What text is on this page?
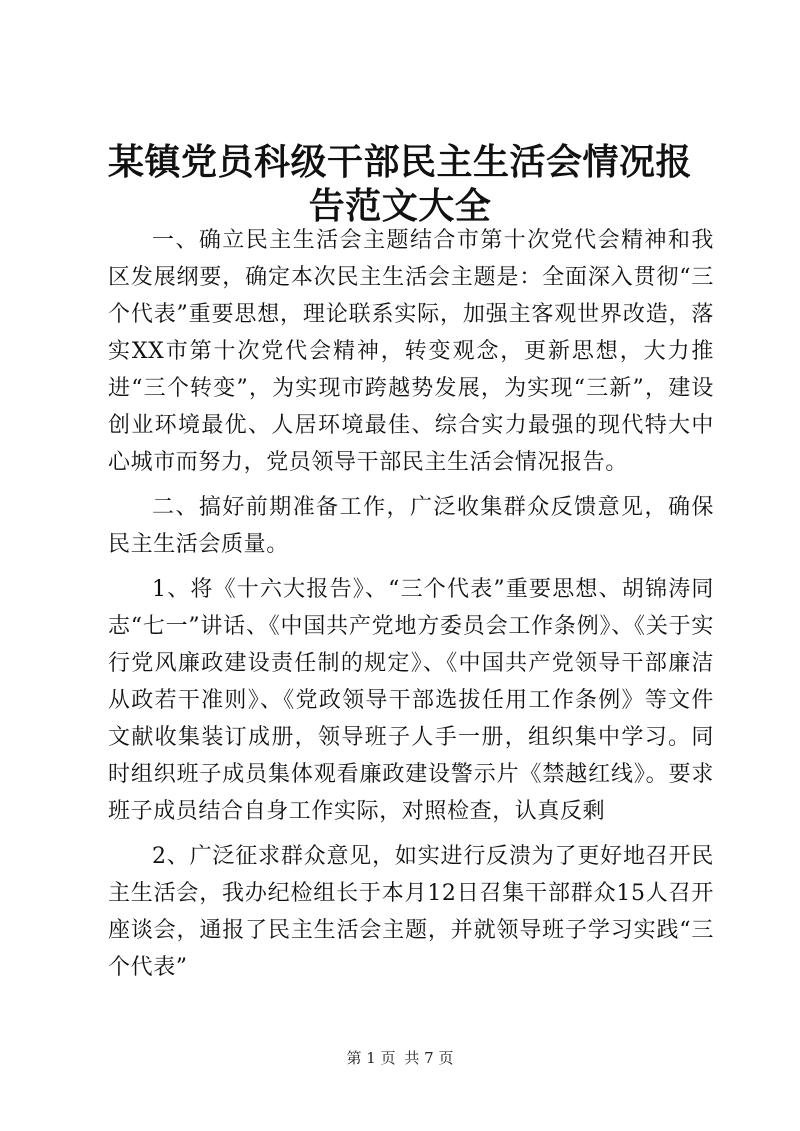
某镇党员科级干部民主生活会情况报告范文大全

一、确立民主生活会主题结合市第十次党代会精神和我区发展纲要，确定本次民主生活会主题是：全面深入贯彻“三个代表”重要思想，理论联系实际，加强主客观世界改造，落实XX市第十次党代会精神，转变观念，更新思想，大力推进“三个转变”，为实现市跨越势发展，为实现“三新”，建设创业环境最优、人居环境最佳、综合实力最强的现代特大中心城市而努力，党员领导干部民主生活会情况报告。

二、搞好前期准备工作，广泛收集群众反馈意见，确保民主生活会质量。

1、将《十六大报告》、“三个代表”重要思想、胡锦涛同志“七一”讲话、《中国共产党地方委员会工作条例》、《关于实行党风廉政建设责任制的规定》、《中国共产党领导干部廉洁从政若干准则》、《党政领导干部选拔任用工作条例》等文件文献收集装订成册，领导班子人手一册，组织集中学习。同时组织班子成员集体观看廉政建设警示片《禁越红线》。要求班子成员结合自身工作实际，对照检查，认真反剩

2、广泛征求群众意见，如实进行反溃为了更好地召开民主生活会，我办纪检组长于本月12日召集干部群众15人召开座谈会，通报了民主生活会主题，并就领导班子学习实践“三个代表”

第 1 页 共 7 页
